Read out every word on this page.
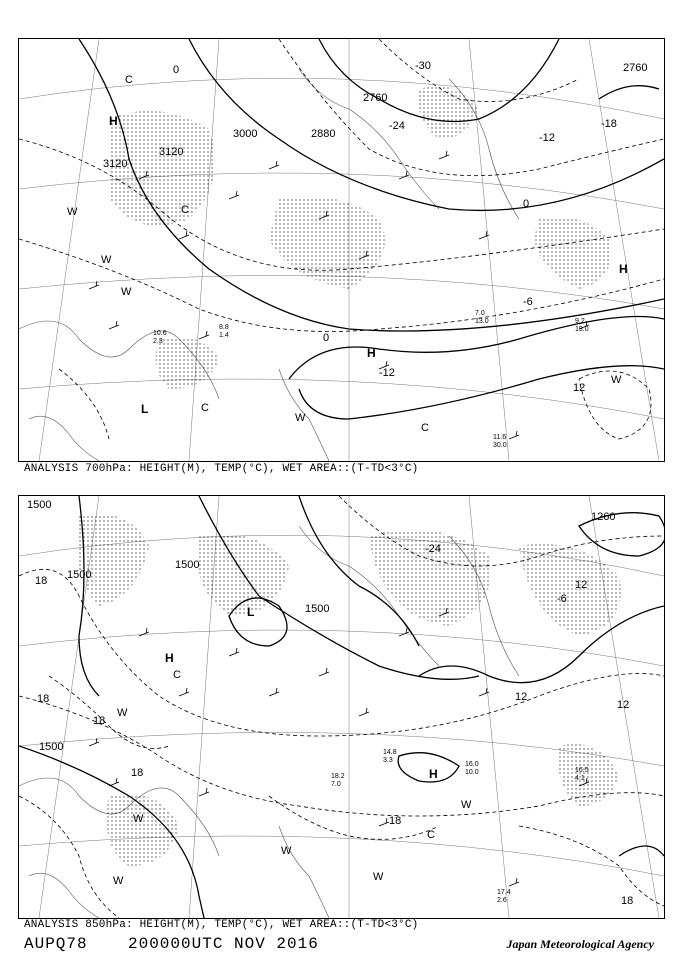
3120
3120
3000	2880
2760
2760
0
-18
-12
0
-6
-12
12
0
-24
-30
H
H
H
L
C
C
C
C
W
W
W
W
W
9.2 19.0
7.0 13.0
11.6 30.0
8.8 1.4
10.6 2.3
ANALYSIS 700hPa: HEIGHT(M), TEMP(°C), WET AREA::(T-TD<3°C)
1500
1500
1500
1500
1260
1500
18
18
18
18
-24
12
12
12
-6
18
18
H
H
L
C
C
W
W
W	W
W
W
18.2 7.0
16.0 10.0
17.4 2.6
14.8 3.3
16.5 4.1
ANALYSIS 850hPa: HEIGHT(M), TEMP(°C), WET AREA::(T-TD<3°C)
AUPQ78	200000UTC NOV 2016	Japan Meteorological Agency
